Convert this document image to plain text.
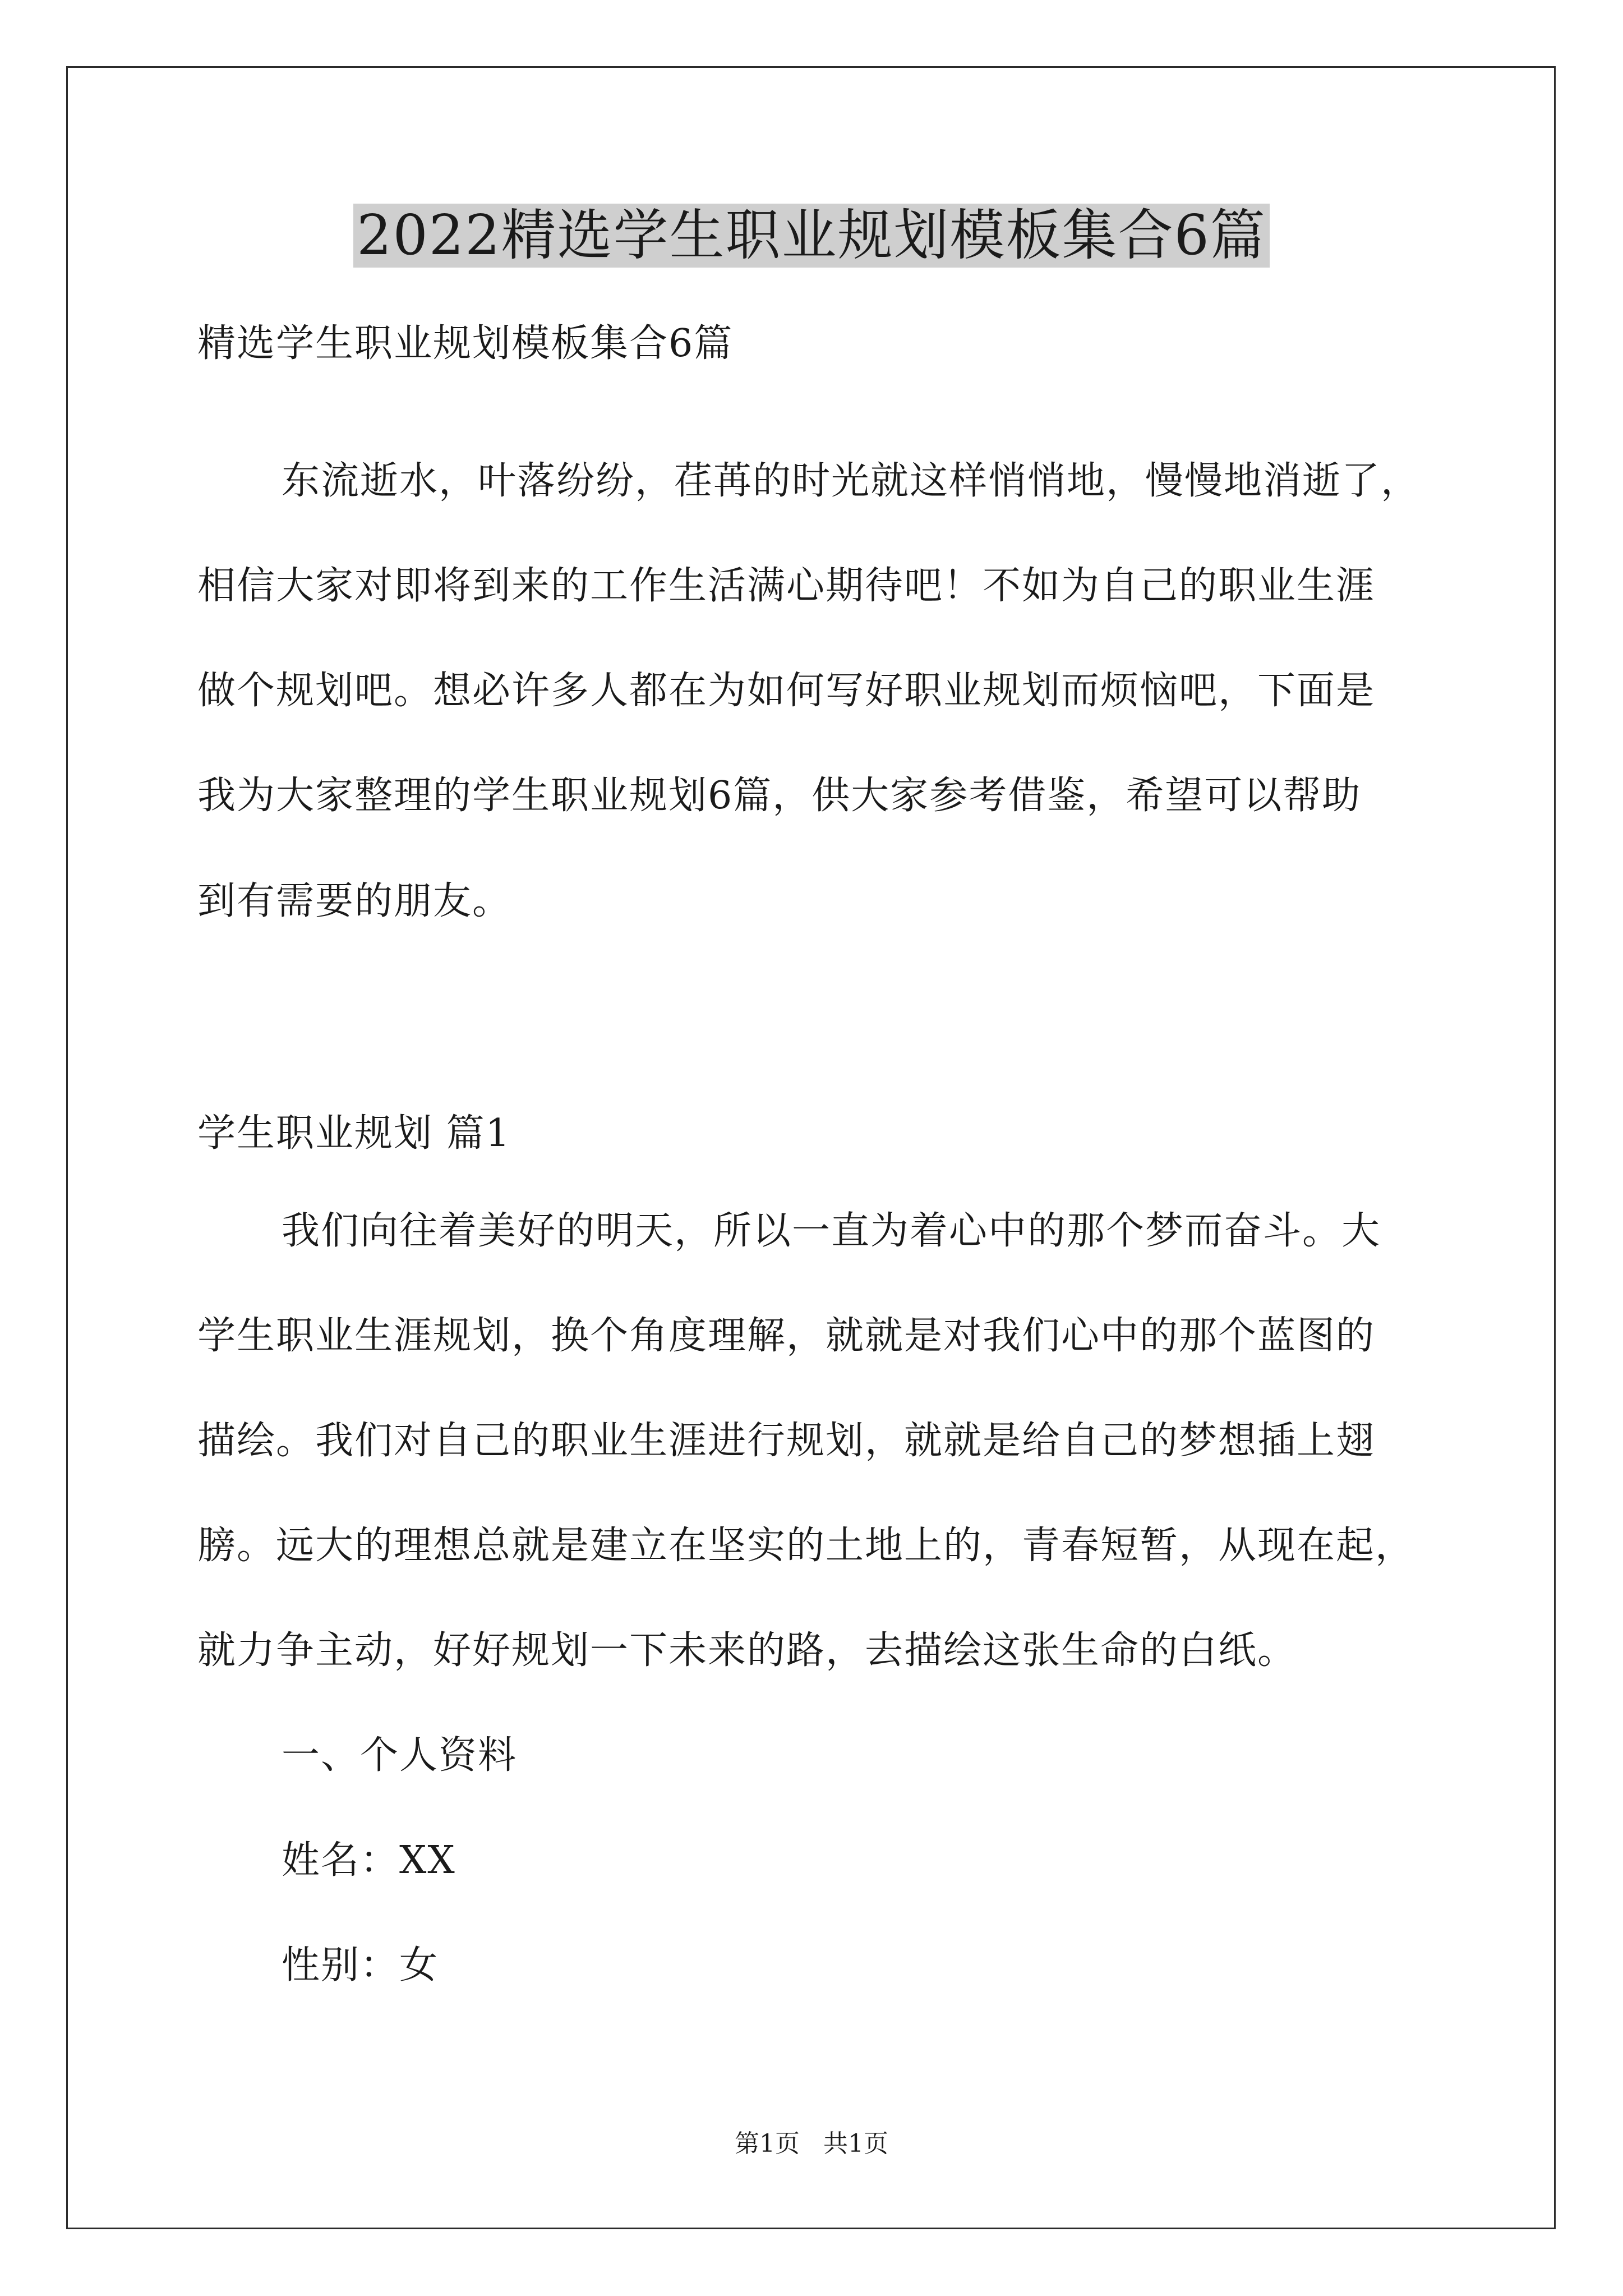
2022精选学生职业规划模板集合6篇
精选学生职业规划模板集合6篇
东流逝水，叶落纷纷，荏苒的时光就这样悄悄地，慢慢地消逝了，
相信大家对即将到来的工作生活满心期待吧！不如为自己的职业生涯
做个规划吧。想必许多人都在为如何写好职业规划而烦恼吧，下面是
我为大家整理的学生职业规划6篇，供大家参考借鉴，希望可以帮助
到有需要的朋友。
学生职业规划 篇1
我们向往着美好的明天，所以一直为着心中的那个梦而奋斗。大
学生职业生涯规划，换个角度理解，就就是对我们心中的那个蓝图的
描绘。我们对自己的职业生涯进行规划，就就是给自己的梦想插上翅
膀。远大的理想总就是建立在坚实的土地上的，青春短暂，从现在起，
就力争主动，好好规划一下未来的路，去描绘这张生命的白纸。
一、个人资料
姓名：XX
性别：女
第1页   共1页
